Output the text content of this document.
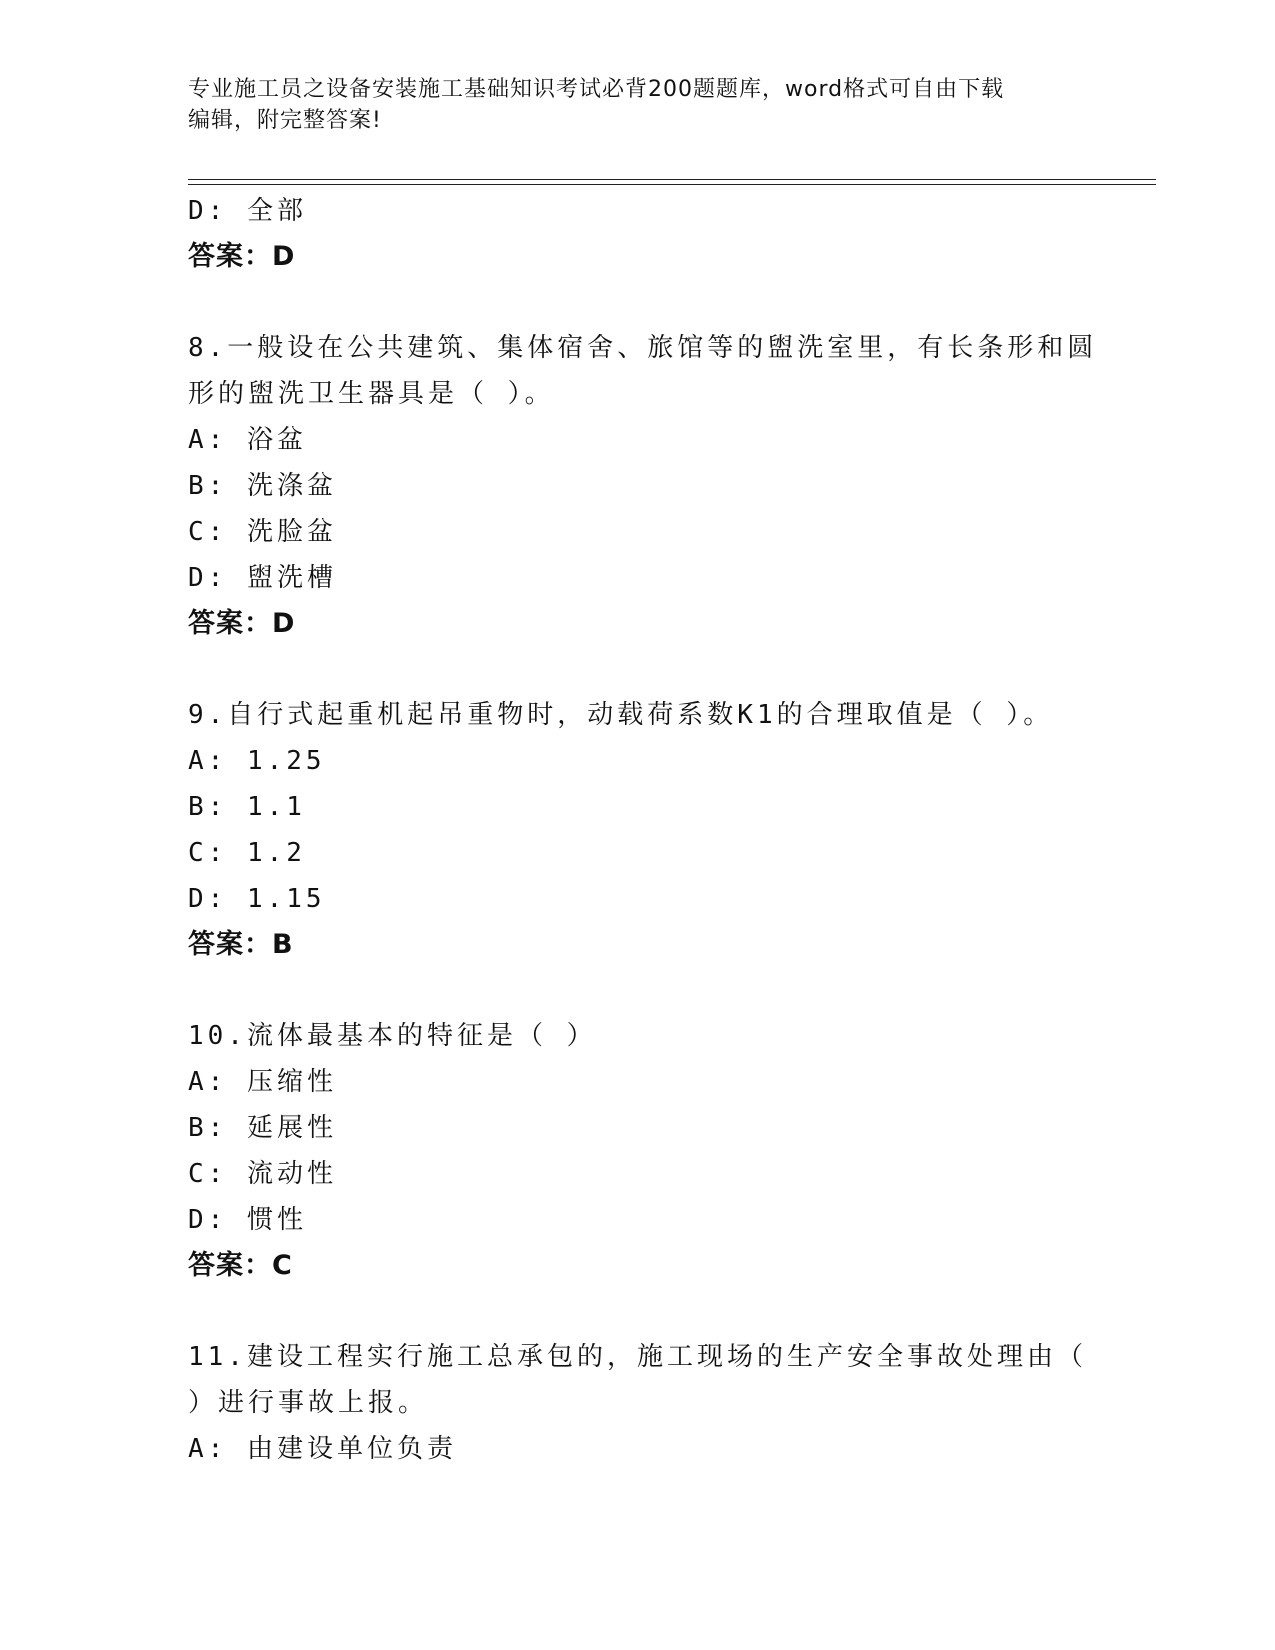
专业施工员之设备安装施工基础知识考试必背200题题库，word格式可自由下载
编辑，附完整答案!
D: 全部
答案：D
8.一般设在公共建筑、集体宿舍、旅馆等的盥洗室里，有长条形和圆
形的盥洗卫生器具是（ ）。
A: 浴盆
B: 洗涤盆
C: 洗脸盆
D: 盥洗槽
答案：D
9.自行式起重机起吊重物时，动载荷系数K1的合理取值是（ ）。
A: 1.25
B: 1.1
C: 1.2
D: 1.15
答案：B
10.流体最基本的特征是（ ）
A: 压缩性
B: 延展性
C: 流动性
D: 惯性
答案：C
11.建设工程实行施工总承包的，施工现场的生产安全事故处理由（
）进行事故上报。
A: 由建设单位负责
